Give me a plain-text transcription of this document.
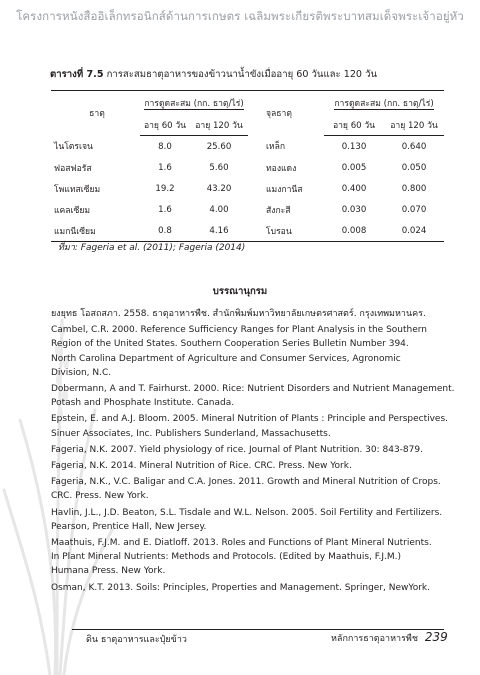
โครงการหนังสืออิเล็กทรอนิกส์ด้านการเกษตร เฉลิมพระเกียรติพระบาทสมเด็จพระเจ้าอยู่หัว
ตารางที่ 7.5 การสะสมธาตุอาหารของข้าวนาน้ำขังเมื่ออายุ 60 วันและ 120 วัน
ธาตุ	การดูดสะสม (กก. ธาตุ/ไร่)		จุลธาตุ	การดูดสะสม (กก. ธาตุ/ไร่)	
	อายุ 60 วัน	อายุ 120 วัน		อายุ 60 วัน	อายุ 120 วัน
ไนโตรเจน	8.0	25.60	เหล็ก	0.130	0.640
ฟอสฟอรัส	1.6	5.60	ทองแดง	0.005	0.050
โพแทสเซียม	19.2	43.20	แมงกานีส	0.400	0.800
แคลเซียม	1.6	4.00	สังกะสี	0.030	0.070
แมกนีเซียม	0.8	4.16	โบรอน	0.008	0.024
ที่มา: Fageria et al. (2011); Fageria (2014)
บรรณานุกรม
ยงยุทธ โอสถสภา. 2558. ธาตุอาหารพืช. สำนักพิมพ์มหาวิทยาลัยเกษตรศาสตร์. กรุงเทพมหานคร.
Cambel, C.R. 2000. Reference Sufficiency Ranges for Plant Analysis in the Southern
Region of the United States. Southern Cooperation Series Bulletin Number 394.
North Carolina Department of Agriculture and Consumer Services, Agronomic
Division, N.C.
Dobermann, A and T. Fairhurst. 2000. Rice: Nutrient Disorders and Nutrient Management.
Potash and Phosphate Institute. Canada.
Epstein, E. and A.J. Bloom. 2005. Mineral Nutrition of Plants : Principle and Perspectives.
Sinuer Associates, Inc. Publishers Sunderland, Massachusetts.
Fageria, N.K. 2007. Yield physiology of rice. Journal of Plant Nutrition. 30: 843-879.
Fageria, N.K. 2014. Mineral Nutrition of Rice. CRC. Press. New York.
Fageria, N.K., V.C. Baligar and C.A. Jones. 2011. Growth and Mineral Nutrition of Crops.
CRC. Press. New York.
Havlin, J.L., J.D. Beaton, S.L. Tisdale and W.L. Nelson. 2005. Soil Fertility and Fertilizers.
Pearson, Prentice Hall, New Jersey.
Maathuis, F.J.M. and E. Diatloff. 2013. Roles and Functions of Plant Mineral Nutrients.
In Plant Mineral Nutrients: Methods and Protocols. (Edited by Maathuis, F.J.M.)
Humana Press. New York.
Osman, K.T. 2013. Soils: Principles, Properties and Management. Springer, NewYork.
ดิน ธาตุอาหารและปุ๋ยข้าว	หลักการธาตุอาหารพืช 239
